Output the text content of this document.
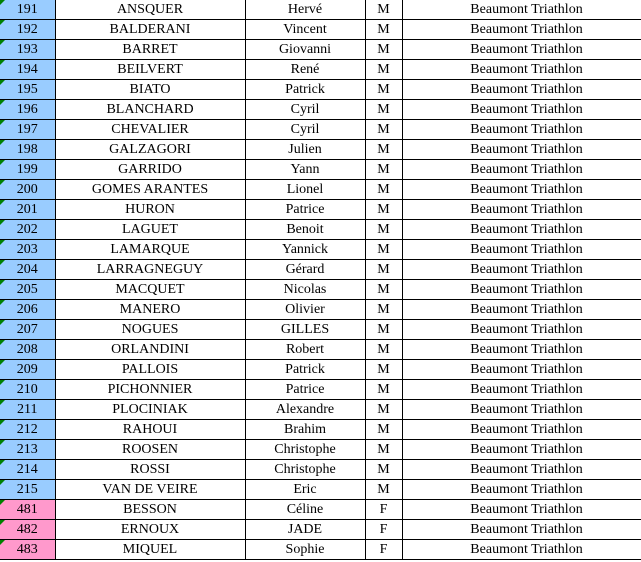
191	ANSQUER	Hervé	M	Beaumont Triathlon
192	BALDERANI	Vincent	M	Beaumont Triathlon
193	BARRET	Giovanni	M	Beaumont Triathlon
194	BEILVERT	René	M	Beaumont Triathlon
195	BIATO	Patrick	M	Beaumont Triathlon
196	BLANCHARD	Cyril	M	Beaumont Triathlon
197	CHEVALIER	Cyril	M	Beaumont Triathlon
198	GALZAGORI	Julien	M	Beaumont Triathlon
199	GARRIDO	Yann	M	Beaumont Triathlon
200	GOMES ARANTES	Lionel	M	Beaumont Triathlon
201	HURON	Patrice	M	Beaumont Triathlon
202	LAGUET	Benoit	M	Beaumont Triathlon
203	LAMARQUE	Yannick	M	Beaumont Triathlon
204	LARRAGNEGUY	Gérard	M	Beaumont Triathlon
205	MACQUET	Nicolas	M	Beaumont Triathlon
206	MANERO	Olivier	M	Beaumont Triathlon
207	NOGUES	GILLES	M	Beaumont Triathlon
208	ORLANDINI	Robert	M	Beaumont Triathlon
209	PALLOIS	Patrick	M	Beaumont Triathlon
210	PICHONNIER	Patrice	M	Beaumont Triathlon
211	PLOCINIAK	Alexandre	M	Beaumont Triathlon
212	RAHOUI	Brahim	M	Beaumont Triathlon
213	ROOSEN	Christophe	M	Beaumont Triathlon
214	ROSSI	Christophe	M	Beaumont Triathlon
215	VAN DE VEIRE	Eric	M	Beaumont Triathlon
481	BESSON	Céline	F	Beaumont Triathlon
482	ERNOUX	JADE	F	Beaumont Triathlon
483	MIQUEL	Sophie	F	Beaumont Triathlon
